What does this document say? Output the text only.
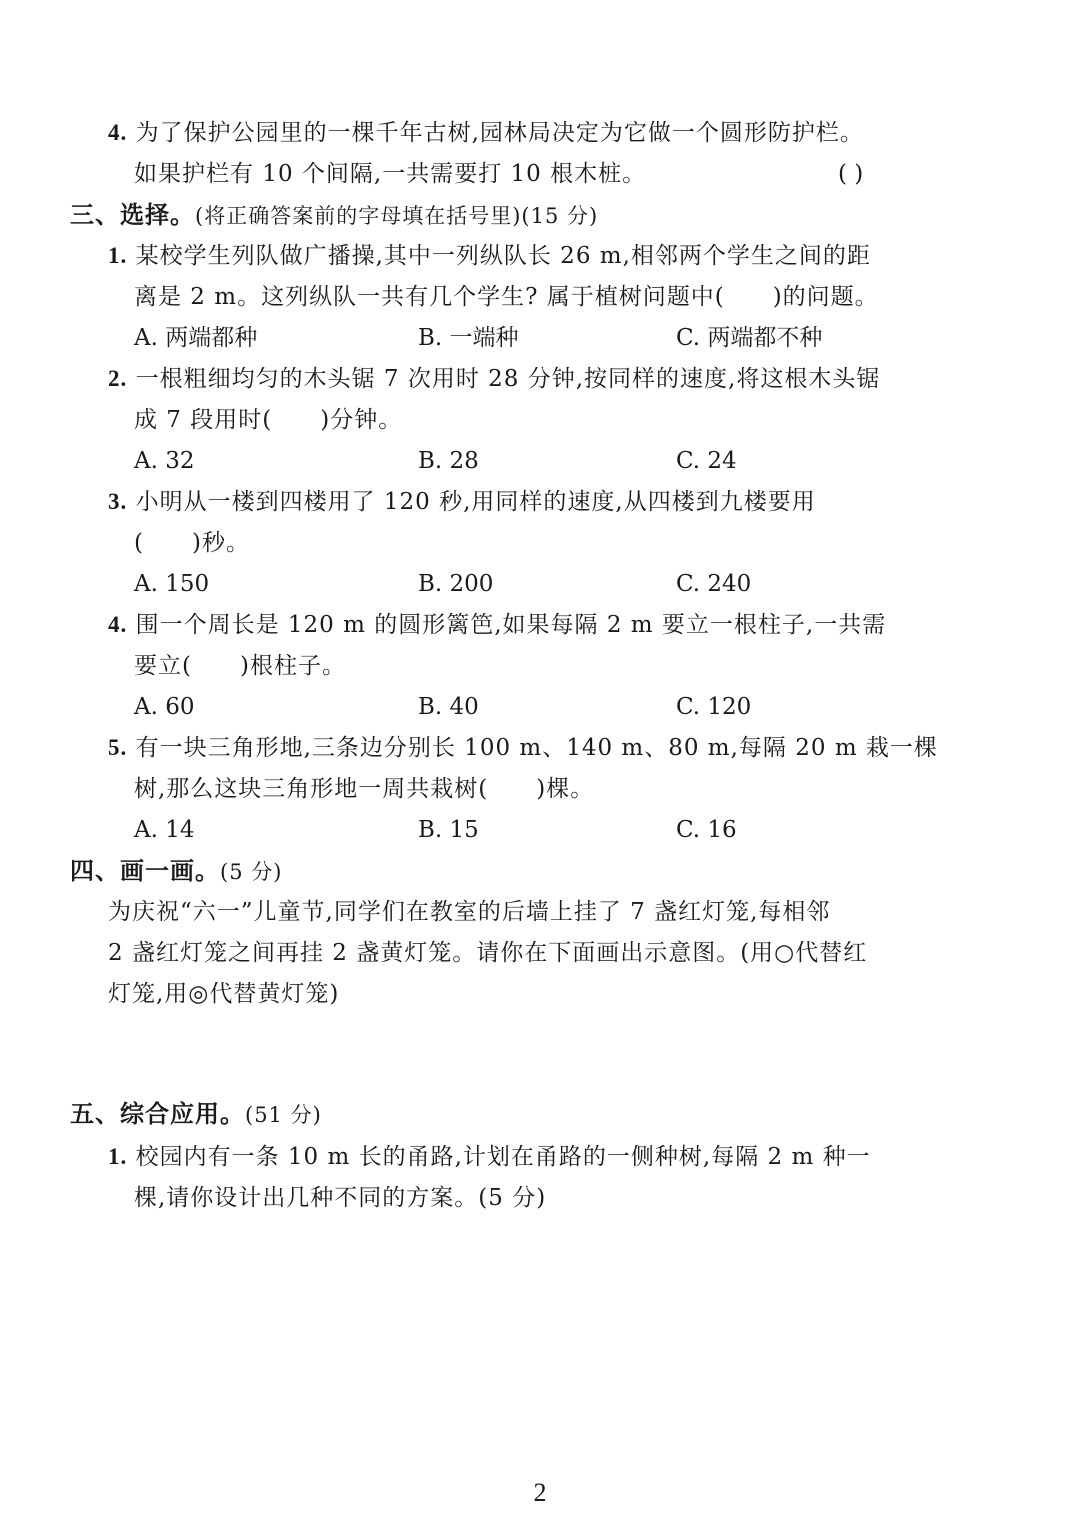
4. 为了保护公园里的一棵千年古树,园林局决定为它做一个圆形防护栏。
如果护栏有 10 个间隔,一共需要打 10 根木桩。	( )
三、选择。(将正确答案前的字母填在括号里)(15 分)
1. 某校学生列队做广播操,其中一列纵队长 26 m,相邻两个学生之间的距
离是 2 m。这列纵队一共有几个学生? 属于植树问题中( )的问题。
A. 两端都种	B. 一端种	C. 两端都不种
2. 一根粗细均匀的木头锯 7 次用时 28 分钟,按同样的速度,将这根木头锯
成 7 段用时( )分钟。
A. 32	B. 28	C. 24
3. 小明从一楼到四楼用了 120 秒,用同样的速度,从四楼到九楼要用
( )秒。
A. 150	B. 200	C. 240
4. 围一个周长是 120 m 的圆形篱笆,如果每隔 2 m 要立一根柱子,一共需
要立( )根柱子。
A. 60	B. 40	C. 120
5. 有一块三角形地,三条边分别长 100 m、140 m、80 m,每隔 20 m 栽一棵
树,那么这块三角形地一周共栽树( )棵。
A. 14	B. 15	C. 16
四、画一画。(5 分)
为庆祝“六一”儿童节,同学们在教室的后墙上挂了 7 盏红灯笼,每相邻
2 盏红灯笼之间再挂 2 盏黄灯笼。请你在下面画出示意图。(用○代替红
灯笼,用◎代替黄灯笼)
五、综合应用。(51 分)
1. 校园内有一条 10 m 长的甬路,计划在甬路的一侧种树,每隔 2 m 种一
棵,请你设计出几种不同的方案。(5 分)
2
